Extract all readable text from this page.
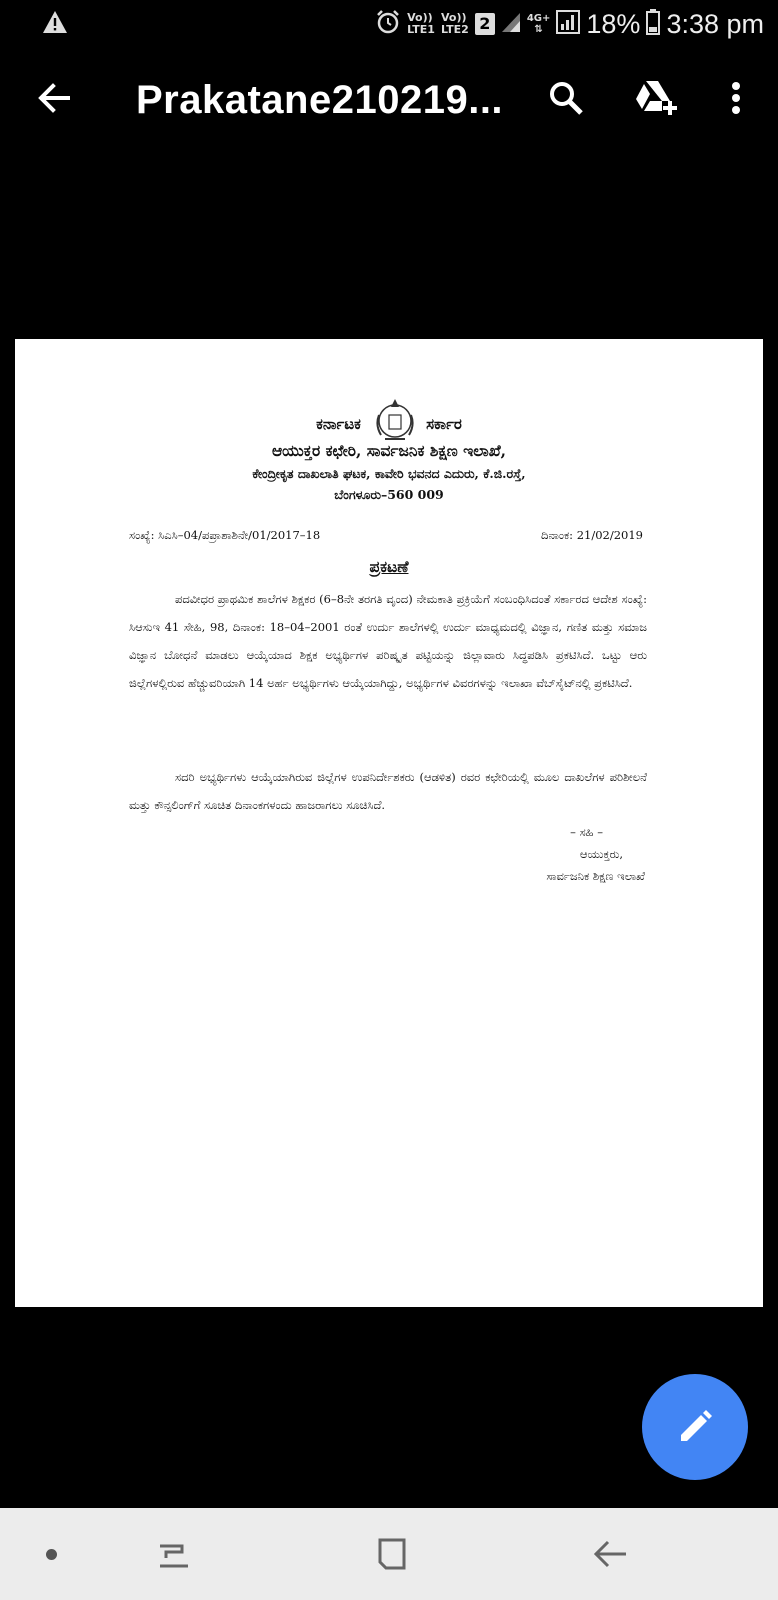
Vo))
LTE1
Vo))
LTE2 2	4G+
⇅ 18% 3:38 pm
Prakatane210219...
ಕರ್ನಾಟಕ ಸರ್ಕಾರ
ಆಯುಕ್ತರ ಕಛೇರಿ, ಸಾರ್ವಜನಿಕ ಶಿಕ್ಷಣ ಇಲಾಖೆ,
ಕೇಂದ್ರೀಕೃತ ದಾಖಲಾತಿ ಘಟಕ, ಕಾವೇರಿ ಭವನದ ಎದುರು, ಕೆ.ಜಿ.ರಸ್ತೆ,
ಬೆಂಗಳೂರು–560 009
ಸಂಖ್ಯೆ: ಸಿಎಸಿ–04/ಪಪ್ರಾಶಾಶಿನೇ/01/2017–18	ದಿನಾಂಕ: 21/02/2019
ಪ್ರಕಟಣೆ
ಪದವೀಧರ ಪ್ರಾಥಮಿಕ ಶಾಲೆಗಳ ಶಿಕ್ಷಕರ (6–8ನೇ ತರಗತಿ ವೃಂದ) ನೇಮಕಾತಿ ಪ್ರಕ್ರಿಯೆಗೆ ಸಂಬಂಧಿಸಿದಂತೆ ಸರ್ಕಾರದ ಆದೇಶ ಸಂಖ್ಯೆ: ಸಿಆಸುಇ 41 ಸೇಹಿ, 98, ದಿನಾಂಕ: 18–04–2001 ರಂತೆ ಉರ್ದು ಶಾಲೆಗಳಲ್ಲಿ ಉರ್ದು ಮಾಧ್ಯಮದಲ್ಲಿ ವಿಜ್ಞಾನ, ಗಣಿತ ಮತ್ತು ಸಮಾಜ ವಿಜ್ಞಾನ ಬೋಧನೆ ಮಾಡಲು ಆಯ್ಕೆಯಾದ ಶಿಕ್ಷಕ ಅಭ್ಯರ್ಥಿಗಳ ಪರಿಷ್ಕೃತ ಪಟ್ಟಿಯನ್ನು ಜಿಲ್ಲಾವಾರು ಸಿದ್ಧಪಡಿಸಿ ಪ್ರಕಟಿಸಿದೆ. ಒಟ್ಟು ಆರು ಜಿಲ್ಲೆಗಳಲ್ಲಿರುವ ಹೆಚ್ಚುವರಿಯಾಗಿ 14 ಅರ್ಹ ಅಭ್ಯರ್ಥಿಗಳು ಆಯ್ಕೆಯಾಗಿದ್ದು, ಅಭ್ಯರ್ಥಿಗಳ ವಿವರಗಳನ್ನು ಇಲಾಖಾ ವೆಬ್‌ಸೈಟ್‌ನಲ್ಲಿ ಪ್ರಕಟಿಸಿದೆ.
ಸದರಿ ಅಭ್ಯರ್ಥಿಗಳು ಆಯ್ಕೆಯಾಗಿರುವ ಜಿಲ್ಲೆಗಳ ಉಪನಿರ್ದೇಶಕರು (ಆಡಳಿತ) ರವರ ಕಛೇರಿಯಲ್ಲಿ ಮೂಲ ದಾಖಲೆಗಳ ಪರಿಶೀಲನೆ ಮತ್ತು ಕೌನ್ಸಲಿಂಗ್‌ಗೆ ಸೂಚಿತ ದಿನಾಂಕಗಳಂದು ಹಾಜರಾಗಲು ಸೂಚಿಸಿದೆ.
– ಸಹಿ –
ಆಯುಕ್ತರು,
ಸಾರ್ವಜನಿಕ ಶಿಕ್ಷಣ ಇಲಾಖೆ
